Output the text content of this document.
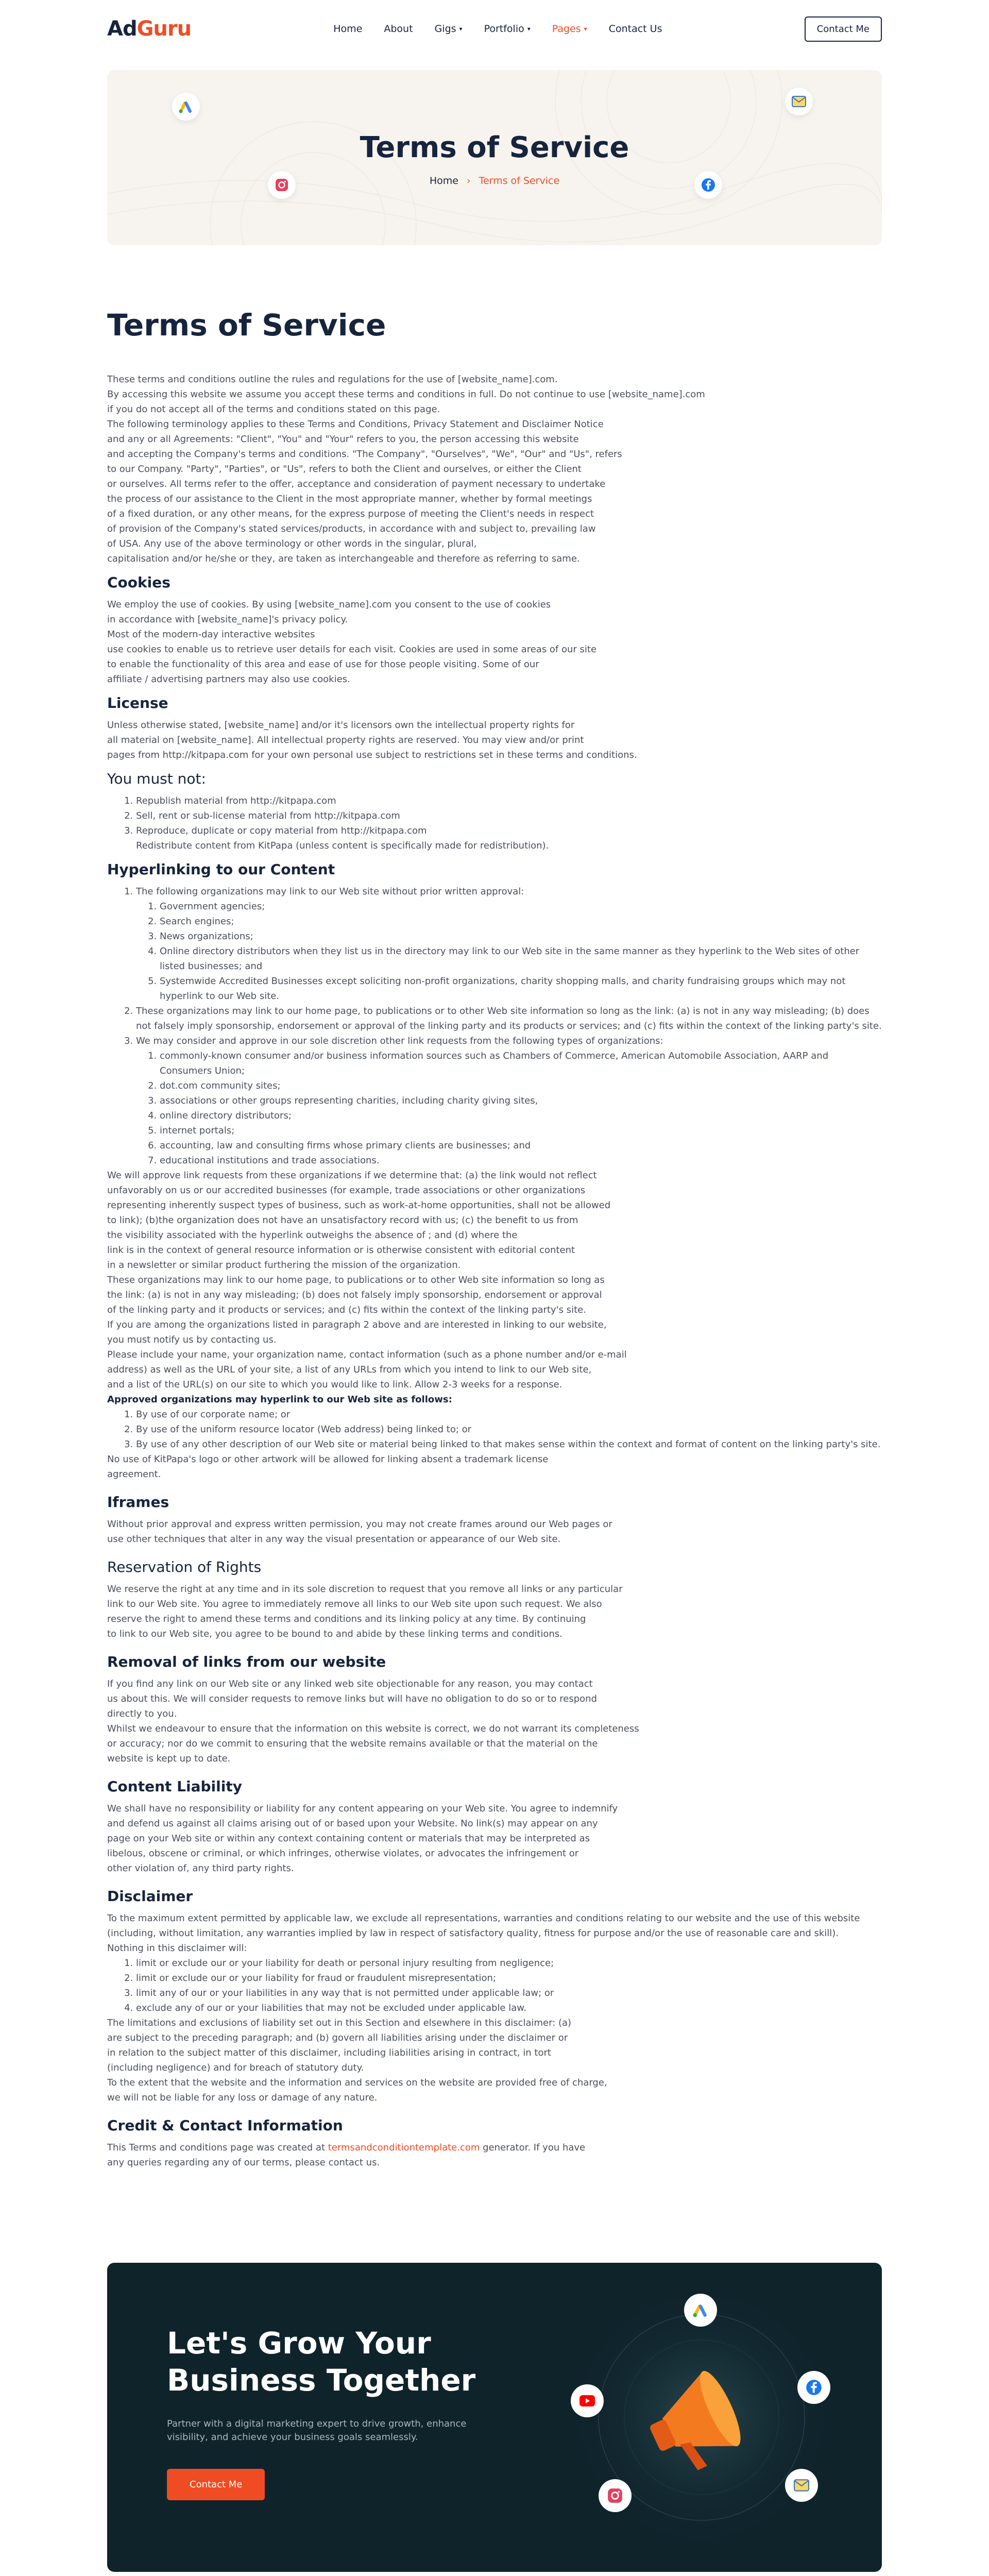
AdGuru	Home About Gigs ▾ Portfolio ▾ Pages ▾ Contact Us	Contact Me
Terms of Service
Home › Terms of Service
Terms of Service

These terms and conditions outline the rules and regulations for the use of [website_name].com.

By accessing this website we assume you accept these terms and conditions in full. Do not continue to use [website_name].com

if you do not accept all of the terms and conditions stated on this page.

The following terminology applies to these Terms and Conditions, Privacy Statement and Disclaimer Notice

and any or all Agreements: "Client", "You" and "Your" refers to you, the person accessing this website

and accepting the Company's terms and conditions. "The Company", "Ourselves", "We", "Our" and "Us", refers

to our Company. "Party", "Parties", or "Us", refers to both the Client and ourselves, or either the Client

or ourselves. All terms refer to the offer, acceptance and consideration of payment necessary to undertake

the process of our assistance to the Client in the most appropriate manner, whether by formal meetings

of a fixed duration, or any other means, for the express purpose of meeting the Client's needs in respect

of provision of the Company's stated services/products, in accordance with and subject to, prevailing law

of USA. Any use of the above terminology or other words in the singular, plural,

capitalisation and/or he/she or they, are taken as interchangeable and therefore as referring to same.

Cookies

We employ the use of cookies. By using [website_name].com you consent to the use of cookies

in accordance with [website_name]'s privacy policy.

Most of the modern-day interactive websites

use cookies to enable us to retrieve user details for each visit. Cookies are used in some areas of our site

to enable the functionality of this area and ease of use for those people visiting. Some of our

affiliate / advertising partners may also use cookies.

License

Unless otherwise stated, [website_name] and/or it's licensors own the intellectual property rights for

all material on [website_name]. All intellectual property rights are reserved. You may view and/or print

pages from http://kitpapa.com for your own personal use subject to restrictions set in these terms and conditions.

You must not:
1. Republish material from http://kitpapa.com
2. Sell, rent or sub-license material from http://kitpapa.com
3. Reproduce, duplicate or copy material from http://kitpapa.com
Redistribute content from KitPapa (unless content is specifically made for redistribution).
Hyperlinking to our Content
1. The following organizations may link to our Web site without prior written approval:
1. Government agencies;
2. Search engines;
3. News organizations;
4. Online directory distributors when they list us in the directory may link to our Web site in the same manner as they hyperlink to the Web sites of other listed businesses; and
5. Systemwide Accredited Businesses except soliciting non-profit organizations, charity shopping malls, and charity fundraising groups which may not hyperlink to our Web site.
2. These organizations may link to our home page, to publications or to other Web site information so long as the link: (a) is not in any way misleading; (b) does not falsely imply sponsorship, endorsement or approval of the linking party and its products or services; and (c) fits within the context of the linking party's site.
3. We may consider and approve in our sole discretion other link requests from the following types of organizations:
1. commonly-known consumer and/or business information sources such as Chambers of Commerce, American Automobile Association, AARP and Consumers Union;
2. dot.com community sites;
3. associations or other groups representing charities, including charity giving sites,
4. online directory distributors;
5. internet portals;
6. accounting, law and consulting firms whose primary clients are businesses; and
7. educational institutions and trade associations.

We will approve link requests from these organizations if we determine that: (a) the link would not reflect

unfavorably on us or our accredited businesses (for example, trade associations or other organizations

representing inherently suspect types of business, such as work-at-home opportunities, shall not be allowed

to link); (b)the organization does not have an unsatisfactory record with us; (c) the benefit to us from

the visibility associated with the hyperlink outweighs the absence of ; and (d) where the

link is in the context of general resource information or is otherwise consistent with editorial content

in a newsletter or similar product furthering the mission of the organization.

These organizations may link to our home page, to publications or to other Web site information so long as

the link: (a) is not in any way misleading; (b) does not falsely imply sponsorship, endorsement or approval

of the linking party and it products or services; and (c) fits within the context of the linking party's site.

If you are among the organizations listed in paragraph 2 above and are interested in linking to our website,

you must notify us by contacting us.

Please include your name, your organization name, contact information (such as a phone number and/or e-mail

address) as well as the URL of your site, a list of any URLs from which you intend to link to our Web site,

and a list of the URL(s) on our site to which you would like to link. Allow 2-3 weeks for a response.

Approved organizations may hyperlink to our Web site as follows:

1. By use of our corporate name; or
2. By use of the uniform resource locator (Web address) being linked to; or
3. By use of any other description of our Web site or material being linked to that makes sense within the context and format of content on the linking party's site.

No use of KitPapa's logo or other artwork will be allowed for linking absent a trademark license

agreement.

Iframes

Without prior approval and express written permission, you may not create frames around our Web pages or

use other techniques that alter in any way the visual presentation or appearance of our Web site.

Reservation of Rights

We reserve the right at any time and in its sole discretion to request that you remove all links or any particular

link to our Web site. You agree to immediately remove all links to our Web site upon such request. We also

reserve the right to amend these terms and conditions and its linking policy at any time. By continuing

to link to our Web site, you agree to be bound to and abide by these linking terms and conditions.

Removal of links from our website

If you find any link on our Web site or any linked web site objectionable for any reason, you may contact

us about this. We will consider requests to remove links but will have no obligation to do so or to respond

directly to you.

Whilst we endeavour to ensure that the information on this website is correct, we do not warrant its completeness

or accuracy; nor do we commit to ensuring that the website remains available or that the material on the

website is kept up to date.

Content Liability

We shall have no responsibility or liability for any content appearing on your Web site. You agree to indemnify

and defend us against all claims arising out of or based upon your Website. No link(s) may appear on any

page on your Web site or within any context containing content or materials that may be interpreted as

libelous, obscene or criminal, or which infringes, otherwise violates, or advocates the infringement or

other violation of, any third party rights.

Disclaimer

To the maximum extent permitted by applicable law, we exclude all representations, warranties and conditions relating to our website and the use of this website

(including, without limitation, any warranties implied by law in respect of satisfactory quality, fitness for purpose and/or the use of reasonable care and skill).

Nothing in this disclaimer will:

1. limit or exclude our or your liability for death or personal injury resulting from negligence;
2. limit or exclude our or your liability for fraud or fraudulent misrepresentation;
3. limit any of our or your liabilities in any way that is not permitted under applicable law; or
4. exclude any of our or your liabilities that may not be excluded under applicable law.

The limitations and exclusions of liability set out in this Section and elsewhere in this disclaimer: (a)

are subject to the preceding paragraph; and (b) govern all liabilities arising under the disclaimer or

in relation to the subject matter of this disclaimer, including liabilities arising in contract, in tort

(including negligence) and for breach of statutory duty.

To the extent that the website and the information and services on the website are provided free of charge,

we will not be liable for any loss or damage of any nature.

Credit & Contact Information

This Terms and conditions page was created at termsandconditiontemplate.com generator. If you have

any queries regarding any of our terms, please contact us.

Let's Grow Your Business Together

Partner with a digital marketing expert to drive growth, enhance visibility, and achieve your business goals seamlessly.

Contact Me
